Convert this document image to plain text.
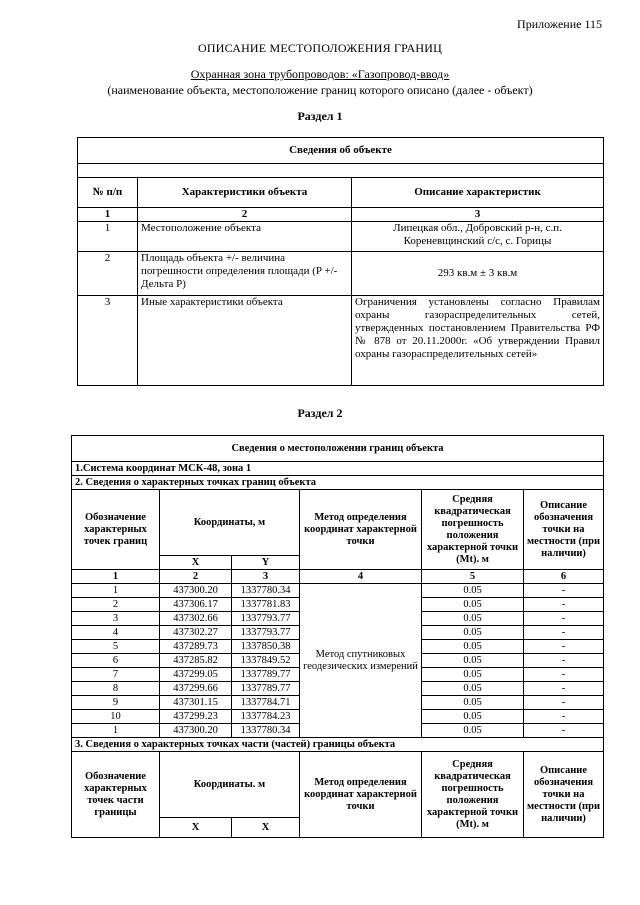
Приложение 115
ОПИСАНИЕ МЕСТОПОЛОЖЕНИЯ ГРАНИЦ
Охранная зона трубопроводов: «Газопровод-ввод»
(наименование объекта, местоположение границ которого описано (далее - объект)
Раздел 1
Сведения об объекте		

№ п/п	Характеристики объекта	Описание характеристик
1	2	3
1	Местоположение объекта	Липецкая обл., Добровский р-н, с.п. Кореневщинский с/с, с. Горицы
2	Площадь объекта +/- величина погрешности определения площади (P +/- Дельта P)	293 кв.м ± 3 кв.м
3	Иные характеристики объекта	Ограничения установлены согласно Правилам охраны газораспределительных сетей, утвержденных постановлением Правительства РФ № 878 от 20.11.2000г. «Об утверждении Правил охраны газораспределительных сетей»
Раздел 2
Сведения о местоположении границ объекта					
1.Система координат МСК-48, зона 1					
2. Сведения о характерных точках границ объекта					
Обозначение характерных точек границ	Координаты, м		Метод определения координат характерной точки	Средняя квадратическая погрешность положения характерной точки (Mt). м	Описание обозначения точки на местности (при наличии)
	X	Y			
1	2	3	4	5	6
1	437300.20	1337780.34	Метод спутниковых геодезических измерений	0.05	-
2	437306.17	1337781.83		0.05	-
3	437302.66	1337793.77		0.05	-
4	437302.27	1337793.77		0.05	-
5	437289.73	1337850.38		0.05	-
6	437285.82	1337849.52		0.05	-
7	437299.05	1337789.77		0.05	-
8	437299.66	1337789.77		0.05	-
9	437301.15	1337784.71		0.05	-
10	437299.23	1337784.23		0.05	-
1	437300.20	1337780.34		0.05	-
3. Сведения о характерных точках части (частей) границы объекта					
Обозначение характерных точек части границы	Координаты. м		Метод определения координат характерной точки	Средняя квадратическая погрешность положения характерной точки (Mt). м	Описание обозначения точки на местности (при наличии)
	X	X			
